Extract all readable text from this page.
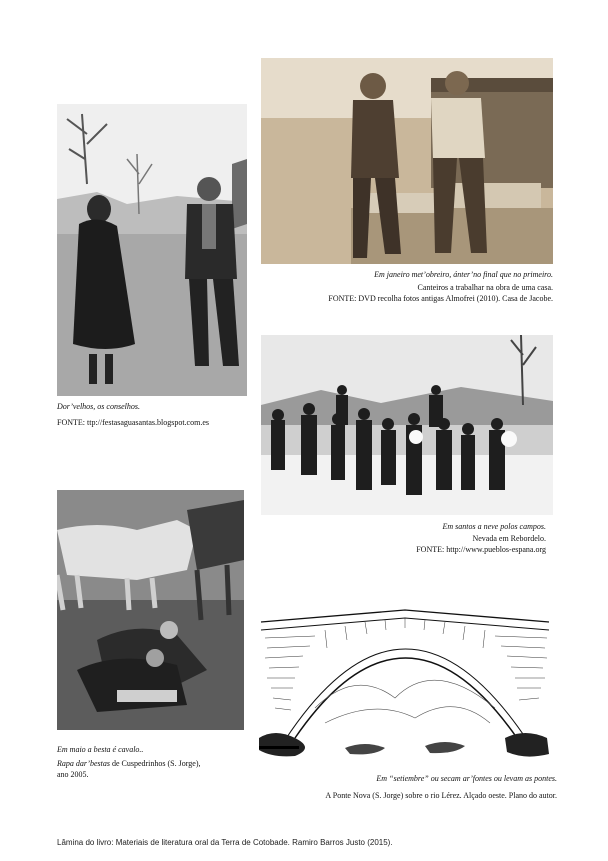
Dor’velhos, os conselhos.
FONTE: ttp://festasaguasantas.blogspot.com.es
Em janeiro met’obreiro, ánter’no final que no primeiro.
Canteiros a trabalhar na obra de uma casa.
FONTE: DVD recolha fotos antigas Almofrei (2010). Casa de Jacobe.
Em santos a neve polos campos.
Nevada em Rebordelo.
FONTE: http://www.pueblos-espana.org
Em maio a besta é cavalo..
Rapa dar’bestas de Cuspedrinhos (S. Jorge),
ano 2005.	Em “setiembre” ou secam ar’fontes ou levam as pontes.
A Ponte Nova (S. Jorge) sobre o rio Lérez. Alçado oeste. Plano do autor.
Lâmina do livro: Materiais de literatura oral da Terra de Cotobade. Ramiro Barros Justo (2015).
